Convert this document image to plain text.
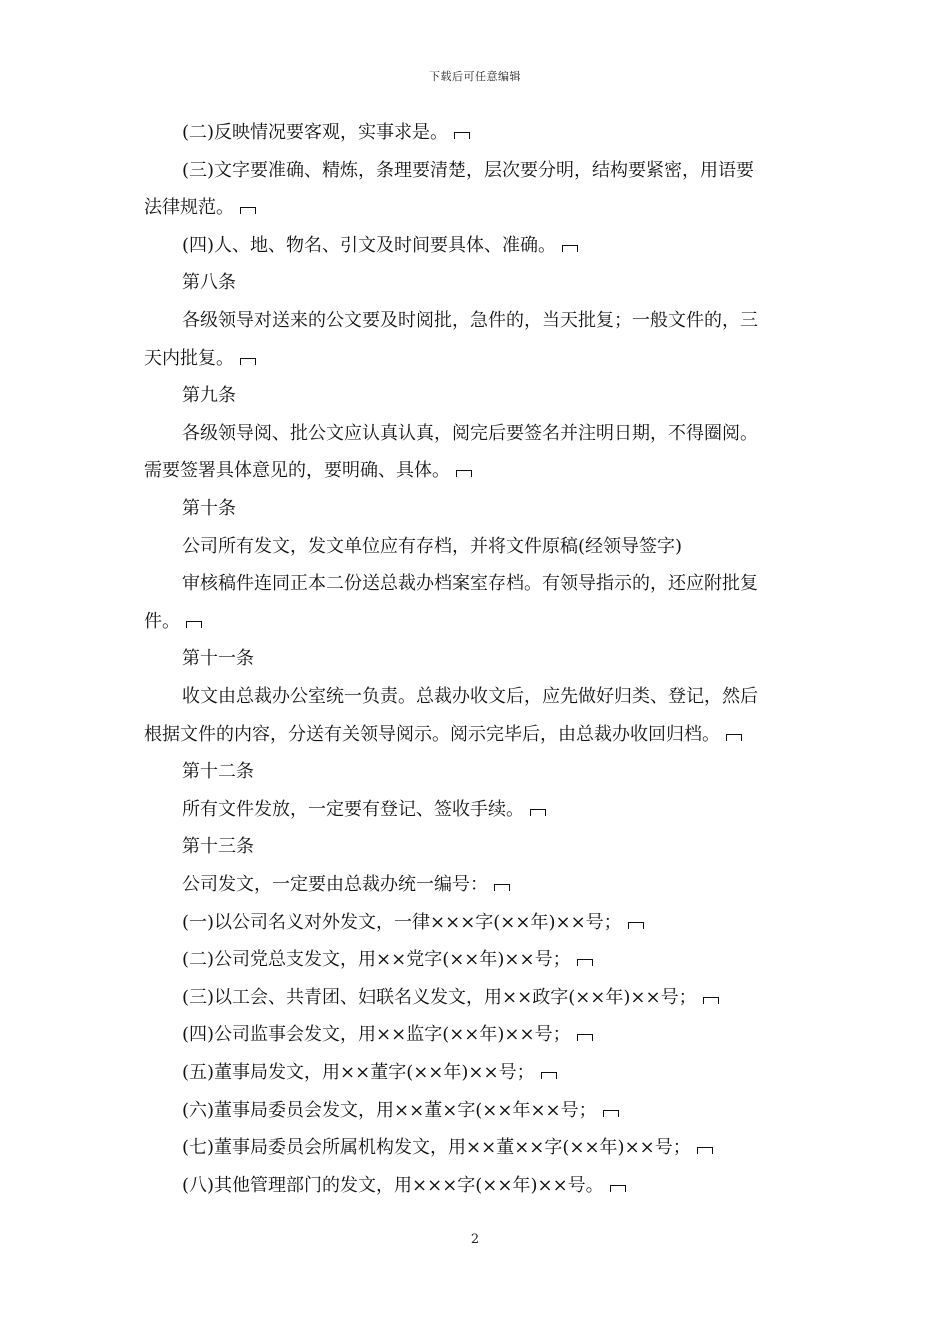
下载后可任意编辑
(二)反映情况要客观，实事求是。
(三)文字要准确、精炼，条理要清楚，层次要分明，结构要紧密，用语要
法律规范。
(四)人、地、物名、引文及时间要具体、准确。
第八条
各级领导对送来的公文要及时阅批，急件的，当天批复；一般文件的，三
天内批复。
第九条
各级领导阅、批公文应认真认真，阅完后要签名并注明日期，不得圈阅。
需要签署具体意见的，要明确、具体。
第十条
公司所有发文，发文单位应有存档，并将文件原稿(经领导签字)
审核稿件连同正本二份送总裁办档案室存档。有领导指示的，还应附批复
件。
第十一条
收文由总裁办公室统一负责。总裁办收文后，应先做好归类、登记，然后
根据文件的内容，分送有关领导阅示。阅示完毕后，由总裁办收回归档。
第十二条
所有文件发放，一定要有登记、签收手续。
第十三条
公司发文，一定要由总裁办统一编号：
(一)以公司名义对外发文，一律×××字(××年)××号；
(二)公司党总支发文，用××党字(××年)××号；
(三)以工会、共青团、妇联名义发文，用××政字(××年)××号；
(四)公司监事会发文，用××监字(××年)××号；
(五)董事局发文，用××董字(××年)××号；
(六)董事局委员会发文，用××董×字(××年××号；
(七)董事局委员会所属机构发文，用××董××字(××年)××号；
(八)其他管理部门的发文，用×××字(××年)××号。
2
